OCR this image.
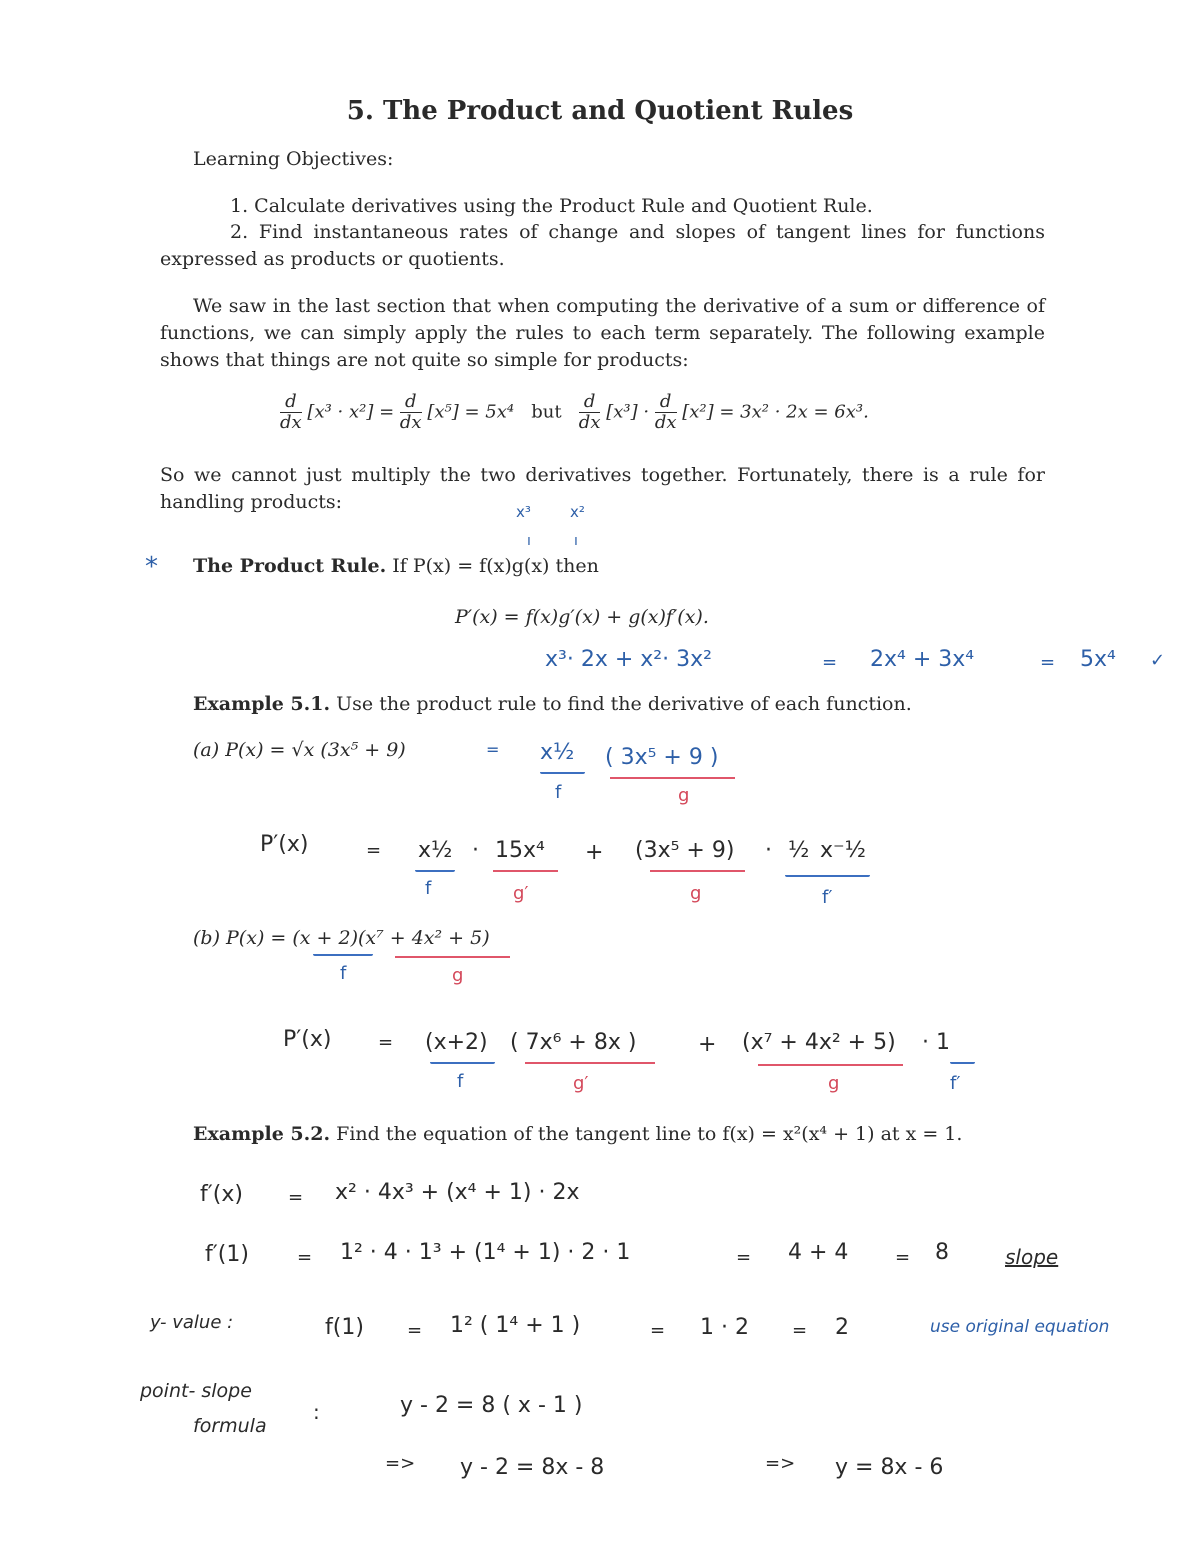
5. The Product and Quotient Rules
Learning Objectives:
1. Calculate derivatives using the Product Rule and Quotient Rule.
2. Find instantaneous rates of change and slopes of tangent lines for functions expressed as products or quotients.
We saw in the last section that when computing the derivative of a sum or difference of functions, we can simply apply the rules to each term separately. The following example shows that things are not quite so simple for products:
$\frac{d}{dx} [x^3 \cdot x^2] = \frac{d}{dx} [x^5] = 5x^4$ but $\frac{d}{dx} [x^3] \cdot \frac{d}{dx} [x^2] = 3x^2 \cdot 2x = 6x^3$.
So we cannot just multiply the two derivatives together. Fortunately, there is a rule for handling products:	x³	x²
ı	ı
* The Product Rule. If P(x) = f(x)g(x) then
P′(x) = f(x)g′(x) + g(x)f′(x).
x³· 2x + x²· 3x²	= 2x⁴ + 3x⁴	= 5x⁴ ✓
Example 5.1. Use the product rule to find the derivative of each function.
(a) P(x) = √x (3x⁵ + 9)	= x½ ( 3x⁵ + 9 )
f	g
P′(x)	= x½ · 15x⁴ + (3x⁵ + 9) · ½ x⁻½
f	g′	g	f′
(b) P(x) = (x + 2)(x⁷ + 4x² + 5)
f	g
P′(x)	= (x+2) ( 7x⁶ + 8x )	+ (x⁷ + 4x² + 5) · 1
f	g′	g	f′
Example 5.2. Find the equation of the tangent line to f(x) = x²(x⁴ + 1) at x = 1.
f′(x)	= x² · 4x³ + (x⁴ + 1) · 2x
f′(1)	= 1² · 4 · 1³ + (1⁴ + 1) · 2 · 1	= 4 + 4	= 8	slope
y- value :	f(1) = 1² ( 1⁴ + 1 )	= 1 · 2 = 2	use original equation
point- slope
formula
:	y - 2 = 8 ( x - 1 )
=> y - 2 = 8x - 8	=> y = 8x - 6
